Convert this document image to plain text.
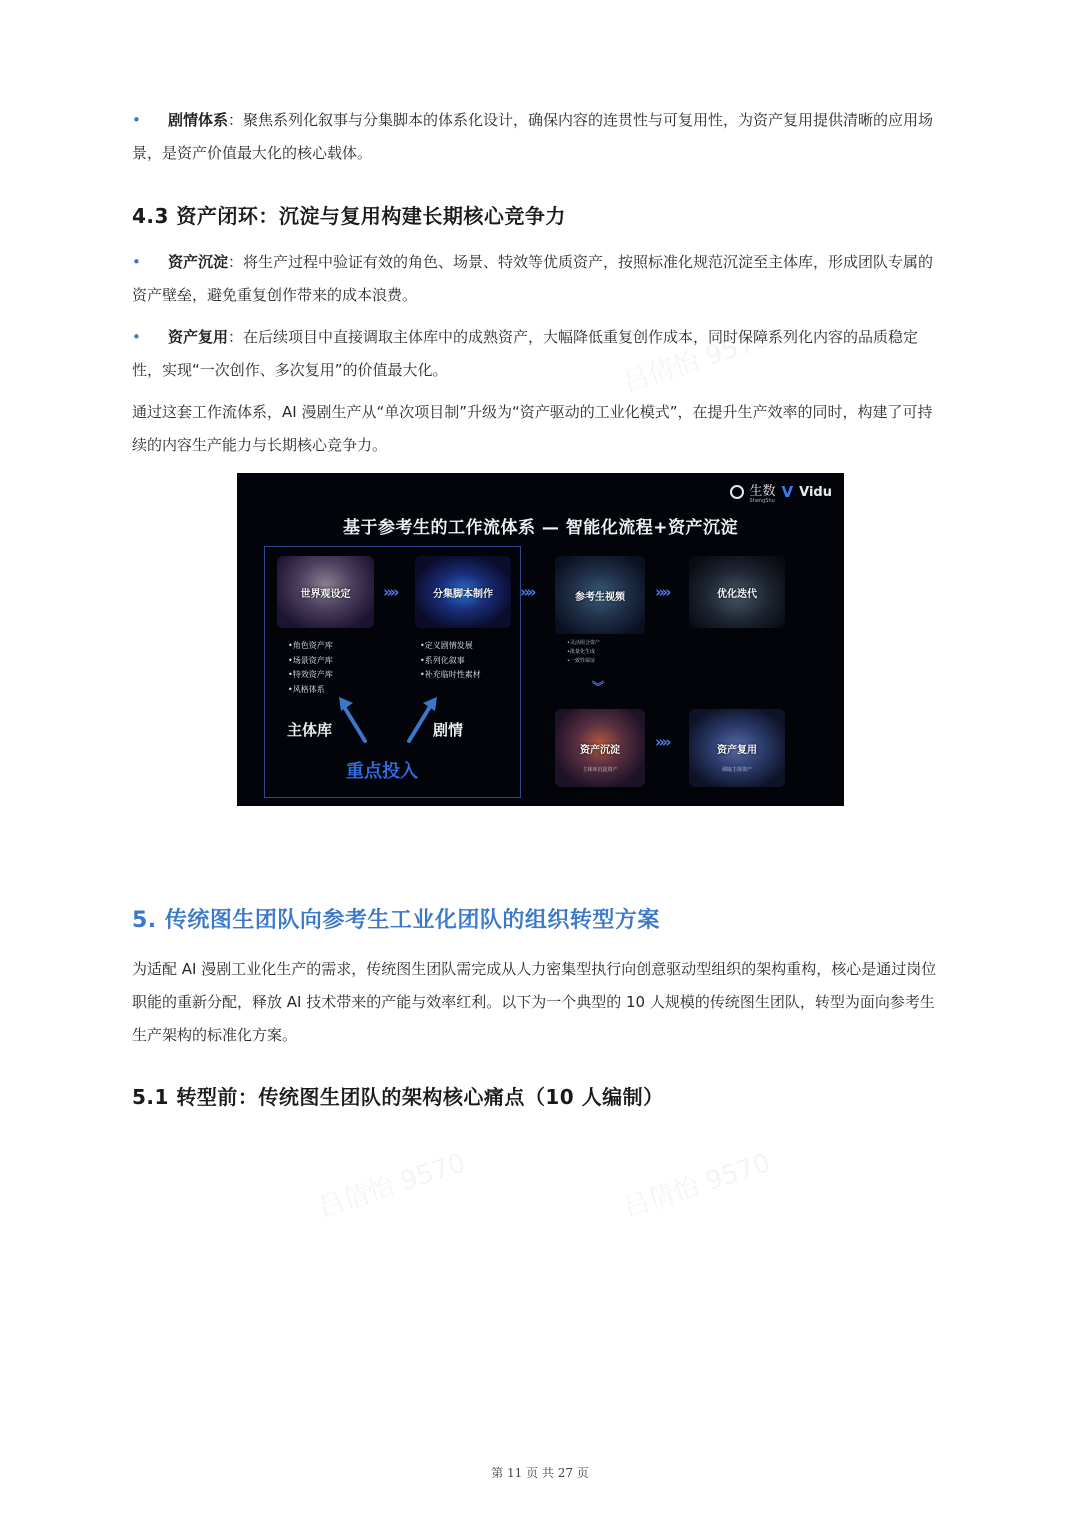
吕倩怡 9570
吕倩怡 9570
吕倩怡 9570
•	剧情体系：聚焦系列化叙事与分集脚本的体系化设计，确保内容的连贯性与可复用性，为资产复用提供清晰的应用场景，是资产价值最大化的核心载体。
4.3 资产闭环：沉淀与复用构建长期核心竞争力
•	资产沉淀：将生产过程中验证有效的角色、场景、特效等优质资产，按照标准化规范沉淀至主体库，形成团队专属的资产壁垒，避免重复创作带来的成本浪费。
•	资产复用：在后续项目中直接调取主体库中的成熟资产，大幅降低重复创作成本，同时保障系列化内容的品质稳定性，实现“一次创作、多次复用”的价值最大化。
通过这套工作流体系，AI 漫剧生产从“单次项目制”升级为“资产驱动的工业化模式”，在提升生产效率的同时，构建了可持续的内容生产能力与长期核心竞争力。
生数
ShengShu V Vidu
基于参考生的工作流体系 — 智能化流程+资产沉淀
世界观设定	»»	分集脚本制作	»»	参考生视频	»»	优化迭代
•角色资产库
•场景资产库
•特效资产库
•风格体系
•定义剧情发展
•系列化叙事
•补充临时性素材
•灵活组合资产
•批量化生成
•一致性保证
︾
资产沉淀
主体库沉淀资产
»»	资产复用
调取主体资产
主体库	剧情
重点投入
5. 传统图生团队向参考生工业化团队的组织转型方案
为适配 AI 漫剧工业化生产的需求，传统图生团队需完成从人力密集型执行向创意驱动型组织的架构重构，核心是通过岗位职能的重新分配，释放 AI 技术带来的产能与效率红利。以下为一个典型的 10 人规模的传统图生团队，转型为面向参考生生产架构的标准化方案。
5.1 转型前：传统图生团队的架构核心痛点（10 人编制）
第 11 页 共 27 页
